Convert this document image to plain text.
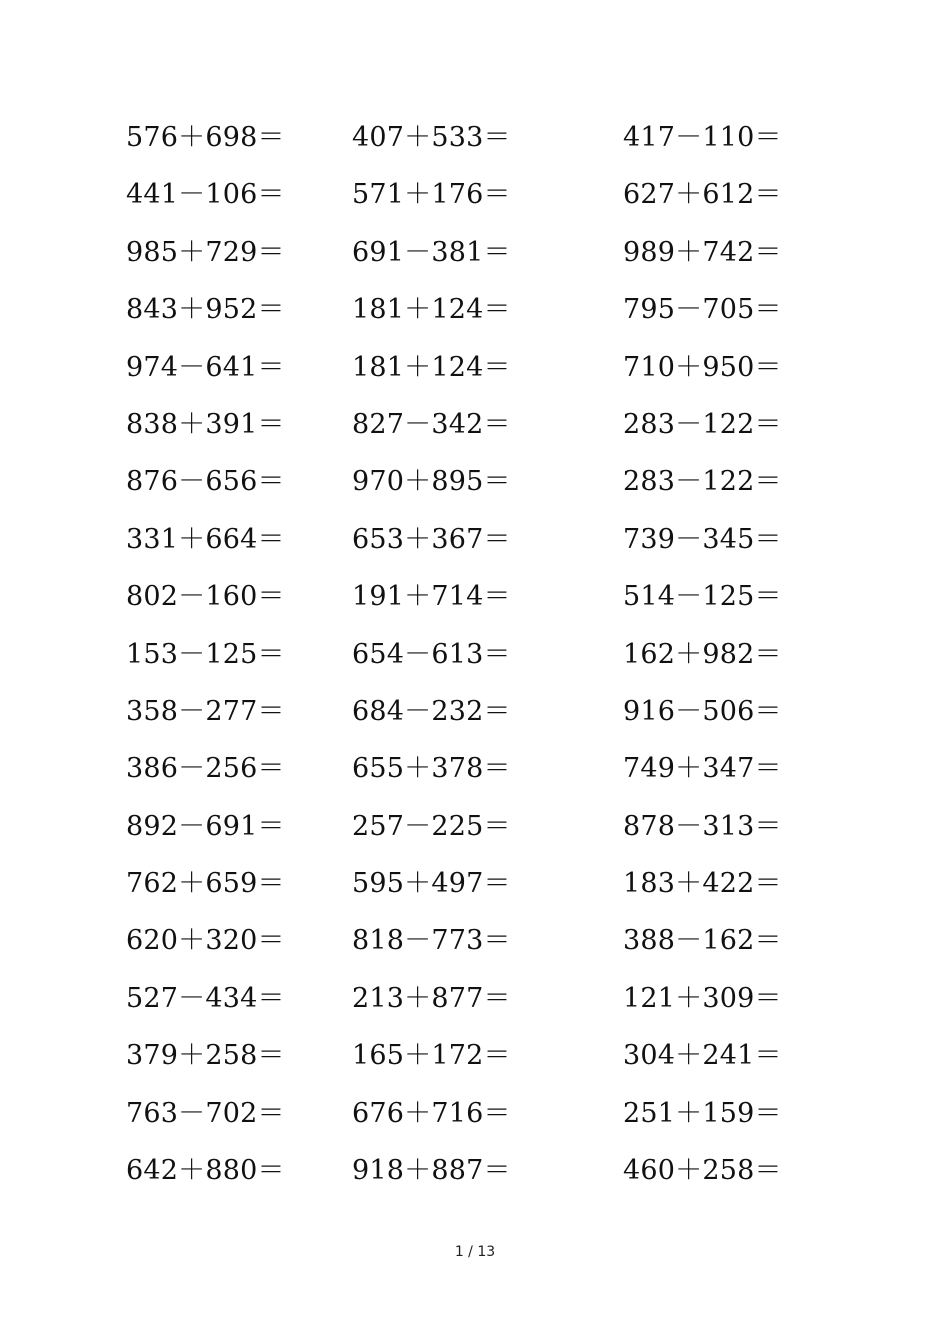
576＋698＝ 407＋533＝	417－110＝
441－106＝ 571＋176＝	627＋612＝
985＋729＝ 691－381＝	989＋742＝
843＋952＝ 181＋124＝	795－705＝
974－641＝ 181＋124＝	710＋950＝
838＋391＝ 827－342＝	283－122＝
876－656＝ 970＋895＝	283－122＝
331＋664＝ 653＋367＝	739－345＝
802－160＝ 191＋714＝	514－125＝
153－125＝ 654－613＝	162＋982＝
358－277＝ 684－232＝	916－506＝
386－256＝ 655＋378＝	749＋347＝
892－691＝ 257－225＝	878－313＝
762＋659＝ 595＋497＝	183＋422＝
620＋320＝ 818－773＝	388－162＝
527－434＝ 213＋877＝	121＋309＝
379＋258＝ 165＋172＝	304＋241＝
763－702＝ 676＋716＝	251＋159＝
642＋880＝ 918＋887＝	460＋258＝
1 / 13
